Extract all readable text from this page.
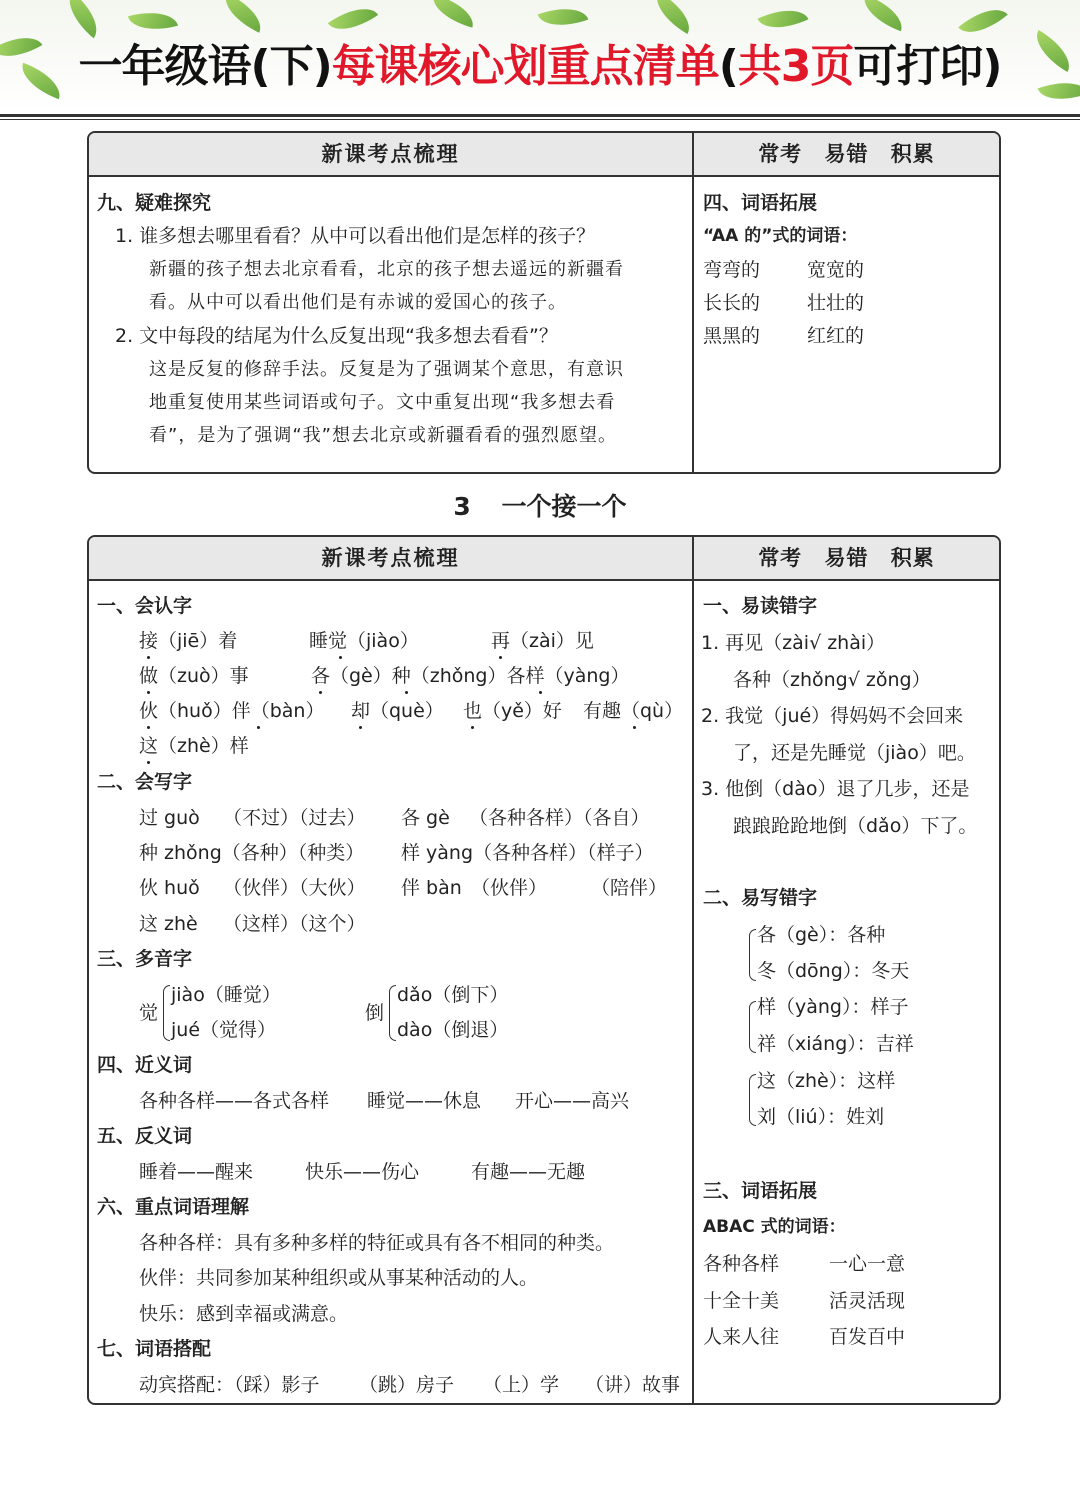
一年级语(下)每课核心划重点清单(共3页可打印)
新课考点梳理	常考 易错 积累
九、疑难探究
1. 谁多想去哪里看看？从中可以看出他们是怎样的孩子？
新疆的孩子想去北京看看，北京的孩子想去遥远的新疆看
看。从中可以看出他们是有赤诚的爱国心的孩子。
2. 文中每段的结尾为什么反复出现“我多想去看看”？
这是反复的修辞手法。反复是为了强调某个意思，有意识
地重复使用某些词语或句子。文中重复出现“我多想去看
看”，是为了强调“我”想去北京或新疆看看的强烈愿望。
四、词语拓展
“AA 的”式的词语：
弯弯的 宽宽的
长长的 壮壮的
黑黑的 红红的
3 一个接一个
新课考点梳理	常考 易错 积累
一、会认字
接（jiē）着	睡觉（jiào）	再（zài）见
做（zuò）事	各（gè）种（zhǒng）各样（yàng）
伙（huǒ）伴（bàn） 却（què） 也（yě）好 有趣（qù）
这（zhè）样
二、会写字
过 guò （不过）（过去） 各 gè （各种各样）（各自）
种 zhǒng（各种）（种类） 样 yàng（各种各样）（样子）
伙 huǒ （伙伴）（大伙） 伴 bàn （伙伴） （陪伴）
这 zhè （这样）（这个）
三、多音字
觉
jiào（睡觉）
jué（觉得）
倒
dǎo（倒下）
dào（倒退）
四、近义词
各种各样——各式各样 睡觉——休息 开心——高兴
五、反义词
睡着——醒来	快乐——伤心	有趣——无趣
六、重点词语理解
各种各样：具有多种多样的特征或具有各不相同的种类。
伙伴：共同参加某种组织或从事某种活动的人。
快乐：感到幸福或满意。
七、词语搭配
动宾搭配：（踩）影子 （跳）房子 （上）学 （讲）故事
一、易读错字
1. 再见（zài√ zhài）
各种（zhǒng√ zǒng）
2. 我觉（jué）得妈妈不会回来
了，还是先睡觉（jiào）吧。
3. 他倒（dào）退了几步，还是
踉踉跄跄地倒（dǎo）下了。
二、易写错字
各（gè）：各种
冬（dōng）：冬天
样（yàng）：样子
祥（xiáng）：吉祥
这（zhè）：这样
刘（liú）：姓刘
三、词语拓展
ABAC 式的词语：
各种各样	一心一意
十全十美	活灵活现
人来人往	百发百中
